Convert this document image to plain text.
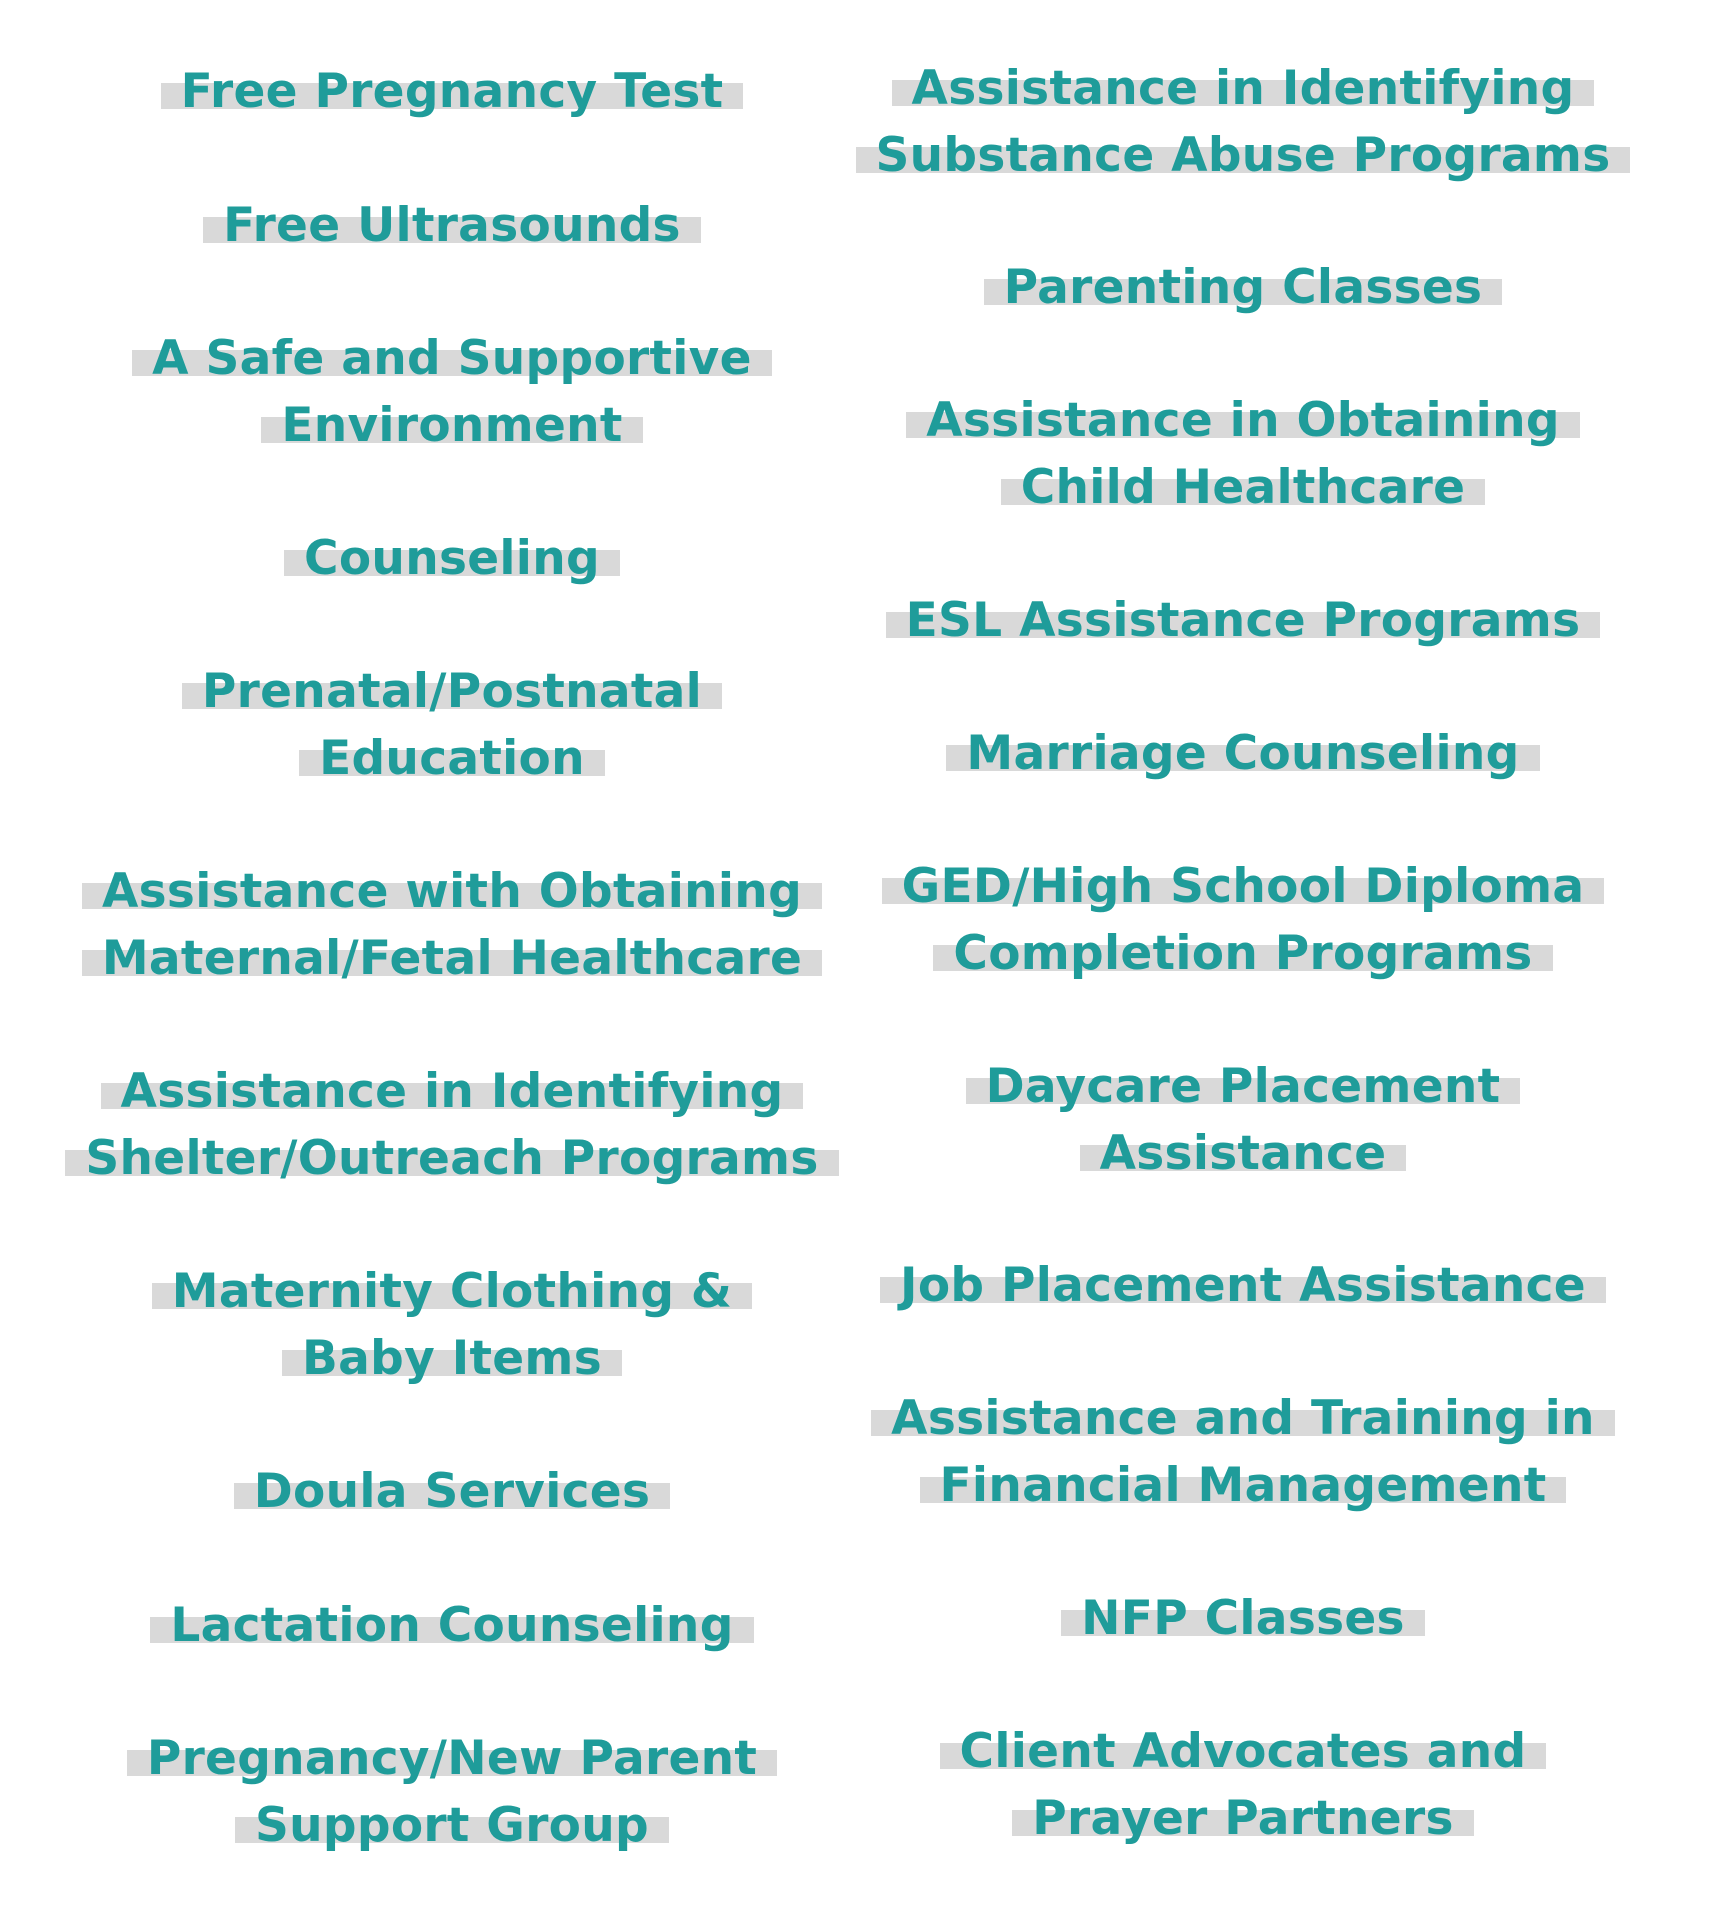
Free Pregnancy Test
Free Ultrasounds
A Safe and Supportive
Environment
Counseling
Prenatal/Postnatal
Education
Assistance with Obtaining
Maternal/Fetal Healthcare
Assistance in Identifying
Shelter/Outreach Programs
Maternity Clothing &
Baby Items
Doula Services
Lactation Counseling
Pregnancy/New Parent
Support Group
Assistance in Identifying
Substance Abuse Programs
Parenting Classes
Assistance in Obtaining
Child Healthcare
ESL Assistance Programs
Marriage Counseling
GED/High School Diploma
Completion Programs
Daycare Placement
Assistance
Job Placement Assistance
Assistance and Training in
Financial Management
NFP Classes
Client Advocates and
Prayer Partners
